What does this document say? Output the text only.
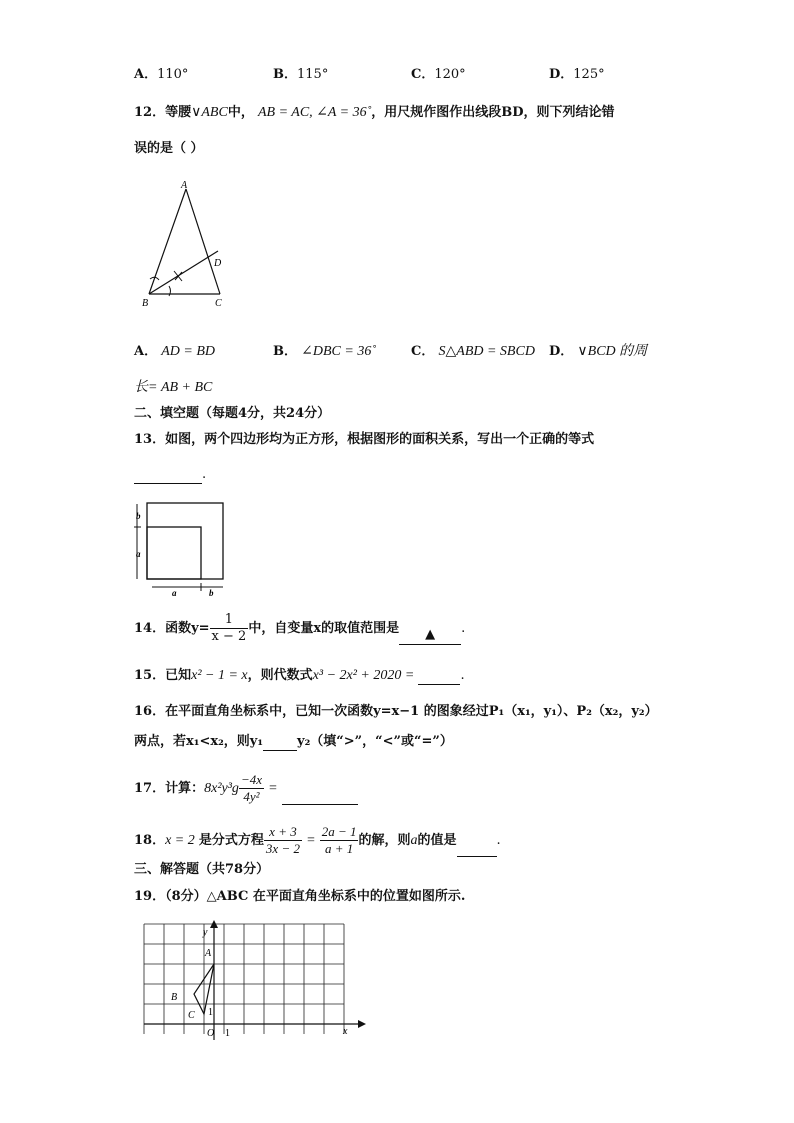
A．110°	B．115°	C．120°	D．125°
12．等腰∨ABC中， AB = AC, ∠A = 36˚，用尺规作图作出线段BD，则下列结论错
误的是（ ）
A
D
B	C
A． AD = BD	B． ∠DBC = 36˚	C． S△ABD = SBCD D． ∨BCD 的周
长= AB + BC
二、填空题（每题4分，共24分）
13．如图，两个四边形均为正方形，根据图形的面积关系，写出一个正确的等式
.
b
a
a	b
14．函数$y= \frac{1}{x - 2}$ 中，自变量x的取值范围是 ▲ .
15．已知x² − 1 = x，则代数式x³ − 2x² + 2020 =	.
16．在平面直角坐标系中，已知一次函数y=x−1 的图象经过P₁（x₁，y₁）、P₂（x₂，y₂）
两点，若x₁<x₂，则y₁	y₂（填“>”，“<”或“=”）
17．计算：$8x^2y^3g \frac{-4x}{\text{4y²}}$ =
18．x = 2 是分式方程 $\frac{x + 3}{3x - 2} = \frac{2a - 1}{a + 1}$ 的解，则a的值是	.
三、解答题（共78分）
19．（8分）△ABC 在平面直角坐标系中的位置如图所示.
y
x
A
B
C
O
1
1
